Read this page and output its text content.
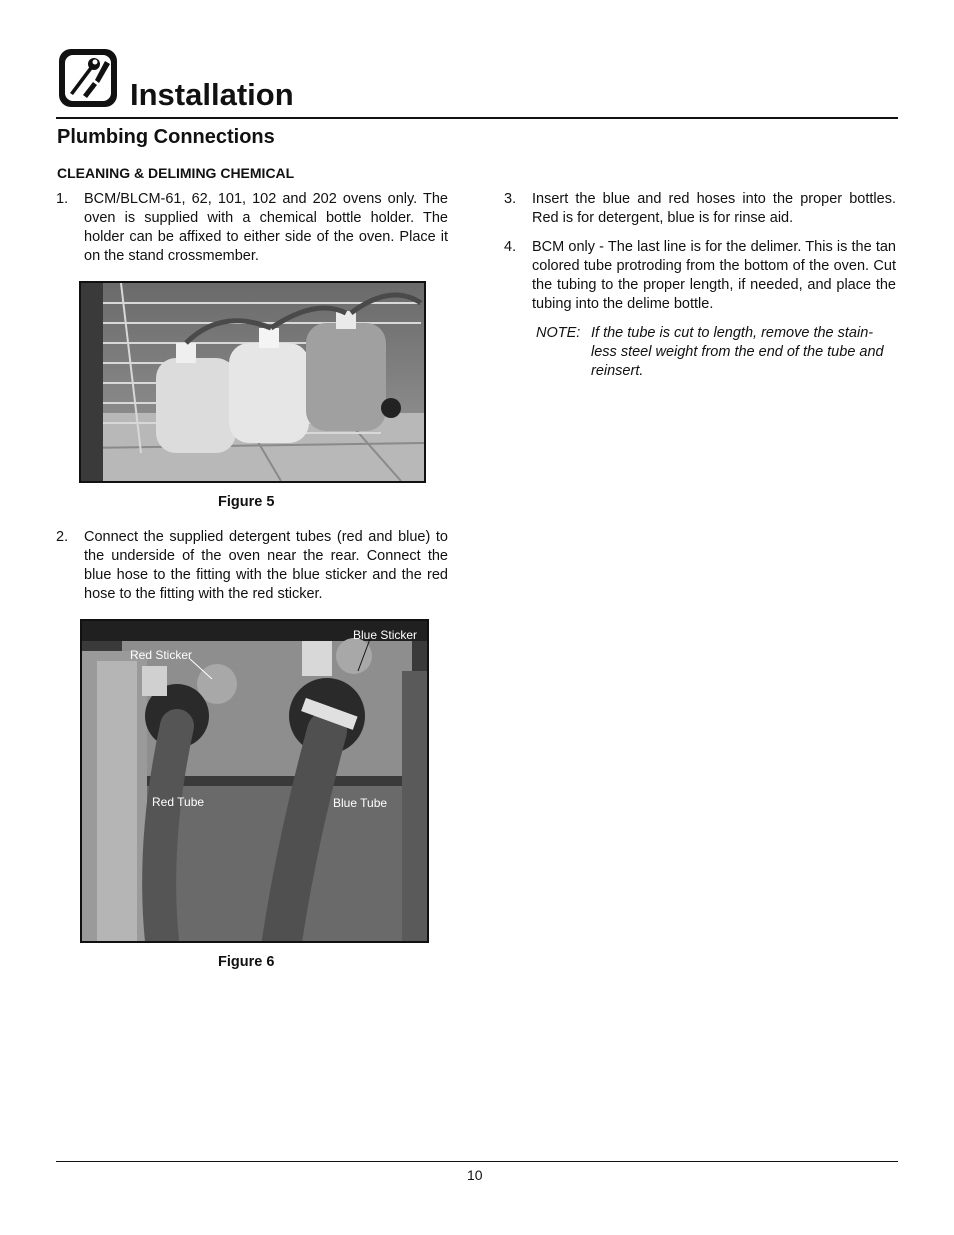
Installation
Plumbing Connections
CLEANING & DELIMING CHEMICAL
1. BCM/BLCM-61, 62, 101, 102 and 202 ovens only. The oven is supplied with a chemical bottle holder. The holder can be affixed to either side of the oven. Place it on the stand crossmember.
Figure 5
2. Connect the supplied detergent tubes (red and blue) to the underside of the oven near the rear. Connect the blue hose to the fitting with the blue sticker and the red hose to the fitting with the red sticker.
Red Sticker
Blue Sticker
Red Tube	Blue Tube
Figure 6
3. Insert the blue and red hoses into the proper bottles. Red is for detergent, blue is for rinse aid.
4. BCM only - The last line is for the delimer. This is the tan colored tube protroding from the bottom of the oven. Cut the tubing to the proper length, if needed, and place the tubing into the delime bottle.
NOTE: If the tube is cut to length, remove the stain-less steel weight from the end of the tube and reinsert.
10
